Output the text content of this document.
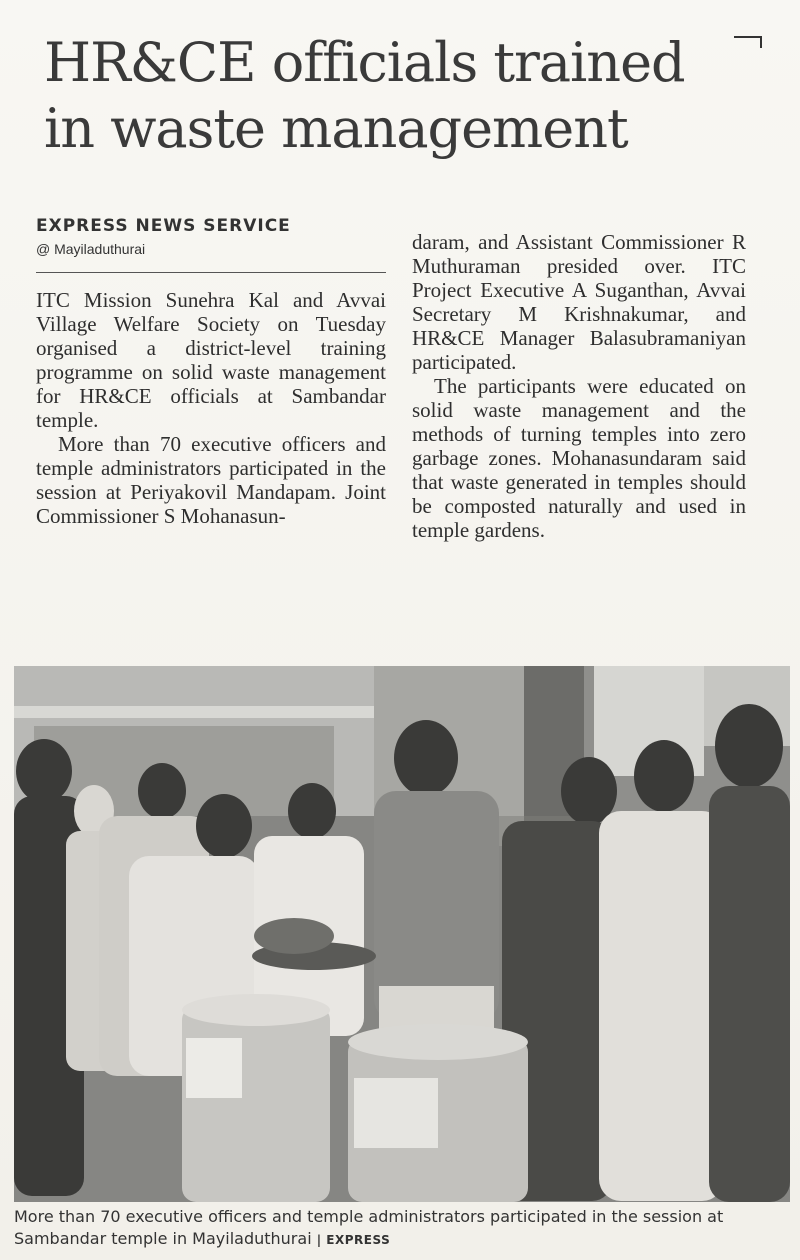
HR&CE officials trained in waste management
EXPRESS NEWS SERVICE
@ Mayiladuthurai

ITC Mission Sunehra Kal and Avvai Village Welfare Society on Tuesday organised a district-level training programme on solid waste management for HR&CE officials at Sambandar temple.

More than 70 executive officers and temple administrators participated in the session at Periyakovil Mandapam. Joint Commissioner S Mohanasun-

daram, and Assistant Commissioner R Muthuraman presided over. ITC Project Executive A Suganthan, Avvai Secretary M Krishnakumar, and HR&CE Manager Balasubramaniyan participated.

The participants were educated on solid waste management and the methods of turning temples into zero garbage zones. Mohanasundaram said that waste generated in temples should be composted naturally and used in temple gardens.

More than 70 executive officers and temple administrators participated in the session at Sambandar temple in Mayiladuthurai | EXPRESS
